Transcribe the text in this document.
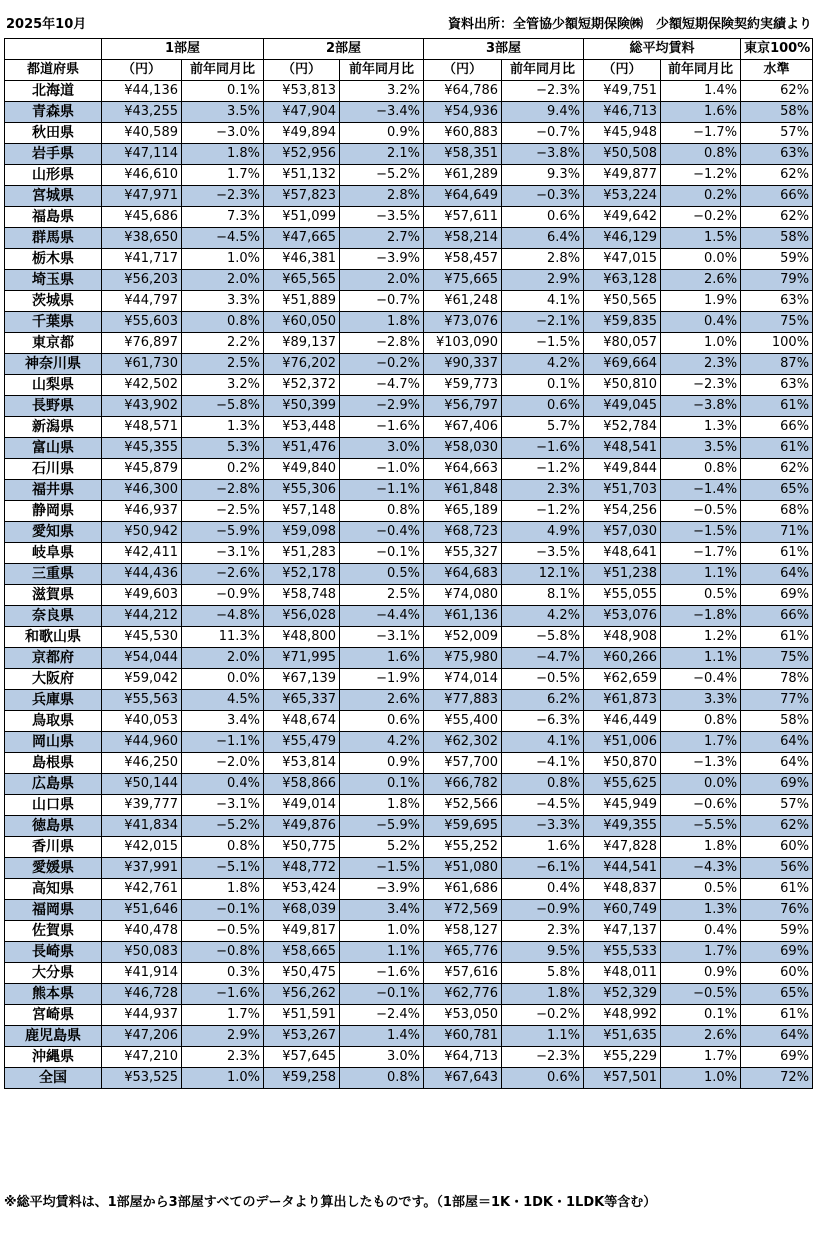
2025年10月	資料出所：全管協少額短期保険㈱　少額短期保険契約実績より
	1部屋		2部屋		3部屋		総平均賃料		東京100%
都道府県	（円）	前年同月比	（円）	前年同月比	（円）	前年同月比	（円）	前年同月比	水準
北海道	¥44,136	0.1%	¥53,813	3.2%	¥64,786	−2.3%	¥49,751	1.4%	62%
青森県	¥43,255	3.5%	¥47,904	−3.4%	¥54,936	9.4%	¥46,713	1.6%	58%
秋田県	¥40,589	−3.0%	¥49,894	0.9%	¥60,883	−0.7%	¥45,948	−1.7%	57%
岩手県	¥47,114	1.8%	¥52,956	2.1%	¥58,351	−3.8%	¥50,508	0.8%	63%
山形県	¥46,610	1.7%	¥51,132	−5.2%	¥61,289	9.3%	¥49,877	−1.2%	62%
宮城県	¥47,971	−2.3%	¥57,823	2.8%	¥64,649	−0.3%	¥53,224	0.2%	66%
福島県	¥45,686	7.3%	¥51,099	−3.5%	¥57,611	0.6%	¥49,642	−0.2%	62%
群馬県	¥38,650	−4.5%	¥47,665	2.7%	¥58,214	6.4%	¥46,129	1.5%	58%
栃木県	¥41,717	1.0%	¥46,381	−3.9%	¥58,457	2.8%	¥47,015	0.0%	59%
埼玉県	¥56,203	2.0%	¥65,565	2.0%	¥75,665	2.9%	¥63,128	2.6%	79%
茨城県	¥44,797	3.3%	¥51,889	−0.7%	¥61,248	4.1%	¥50,565	1.9%	63%
千葉県	¥55,603	0.8%	¥60,050	1.8%	¥73,076	−2.1%	¥59,835	0.4%	75%
東京都	¥76,897	2.2%	¥89,137	−2.8%	¥103,090	−1.5%	¥80,057	1.0%	100%
神奈川県	¥61,730	2.5%	¥76,202	−0.2%	¥90,337	4.2%	¥69,664	2.3%	87%
山梨県	¥42,502	3.2%	¥52,372	−4.7%	¥59,773	0.1%	¥50,810	−2.3%	63%
長野県	¥43,902	−5.8%	¥50,399	−2.9%	¥56,797	0.6%	¥49,045	−3.8%	61%
新潟県	¥48,571	1.3%	¥53,448	−1.6%	¥67,406	5.7%	¥52,784	1.3%	66%
富山県	¥45,355	5.3%	¥51,476	3.0%	¥58,030	−1.6%	¥48,541	3.5%	61%
石川県	¥45,879	0.2%	¥49,840	−1.0%	¥64,663	−1.2%	¥49,844	0.8%	62%
福井県	¥46,300	−2.8%	¥55,306	−1.1%	¥61,848	2.3%	¥51,703	−1.4%	65%
静岡県	¥46,937	−2.5%	¥57,148	0.8%	¥65,189	−1.2%	¥54,256	−0.5%	68%
愛知県	¥50,942	−5.9%	¥59,098	−0.4%	¥68,723	4.9%	¥57,030	−1.5%	71%
岐阜県	¥42,411	−3.1%	¥51,283	−0.1%	¥55,327	−3.5%	¥48,641	−1.7%	61%
三重県	¥44,436	−2.6%	¥52,178	0.5%	¥64,683	12.1%	¥51,238	1.1%	64%
滋賀県	¥49,603	−0.9%	¥58,748	2.5%	¥74,080	8.1%	¥55,055	0.5%	69%
奈良県	¥44,212	−4.8%	¥56,028	−4.4%	¥61,136	4.2%	¥53,076	−1.8%	66%
和歌山県	¥45,530	11.3%	¥48,800	−3.1%	¥52,009	−5.8%	¥48,908	1.2%	61%
京都府	¥54,044	2.0%	¥71,995	1.6%	¥75,980	−4.7%	¥60,266	1.1%	75%
大阪府	¥59,042	0.0%	¥67,139	−1.9%	¥74,014	−0.5%	¥62,659	−0.4%	78%
兵庫県	¥55,563	4.5%	¥65,337	2.6%	¥77,883	6.2%	¥61,873	3.3%	77%
鳥取県	¥40,053	3.4%	¥48,674	0.6%	¥55,400	−6.3%	¥46,449	0.8%	58%
岡山県	¥44,960	−1.1%	¥55,479	4.2%	¥62,302	4.1%	¥51,006	1.7%	64%
島根県	¥46,250	−2.0%	¥53,814	0.9%	¥57,700	−4.1%	¥50,870	−1.3%	64%
広島県	¥50,144	0.4%	¥58,866	0.1%	¥66,782	0.8%	¥55,625	0.0%	69%
山口県	¥39,777	−3.1%	¥49,014	1.8%	¥52,566	−4.5%	¥45,949	−0.6%	57%
徳島県	¥41,834	−5.2%	¥49,876	−5.9%	¥59,695	−3.3%	¥49,355	−5.5%	62%
香川県	¥42,015	0.8%	¥50,775	5.2%	¥55,252	1.6%	¥47,828	1.8%	60%
愛媛県	¥37,991	−5.1%	¥48,772	−1.5%	¥51,080	−6.1%	¥44,541	−4.3%	56%
高知県	¥42,761	1.8%	¥53,424	−3.9%	¥61,686	0.4%	¥48,837	0.5%	61%
福岡県	¥51,646	−0.1%	¥68,039	3.4%	¥72,569	−0.9%	¥60,749	1.3%	76%
佐賀県	¥40,478	−0.5%	¥49,817	1.0%	¥58,127	2.3%	¥47,137	0.4%	59%
長崎県	¥50,083	−0.8%	¥58,665	1.1%	¥65,776	9.5%	¥55,533	1.7%	69%
大分県	¥41,914	0.3%	¥50,475	−1.6%	¥57,616	5.8%	¥48,011	0.9%	60%
熊本県	¥46,728	−1.6%	¥56,262	−0.1%	¥62,776	1.8%	¥52,329	−0.5%	65%
宮崎県	¥44,937	1.7%	¥51,591	−2.4%	¥53,050	−0.2%	¥48,992	0.1%	61%
鹿児島県	¥47,206	2.9%	¥53,267	1.4%	¥60,781	1.1%	¥51,635	2.6%	64%
沖縄県	¥47,210	2.3%	¥57,645	3.0%	¥64,713	−2.3%	¥55,229	1.7%	69%
全国	¥53,525	1.0%	¥59,258	0.8%	¥67,643	0.6%	¥57,501	1.0%	72%
※総平均賃料は、1部屋から3部屋すべてのデータより算出したものです。（1部屋＝1K・1DK・1LDK等含む）
